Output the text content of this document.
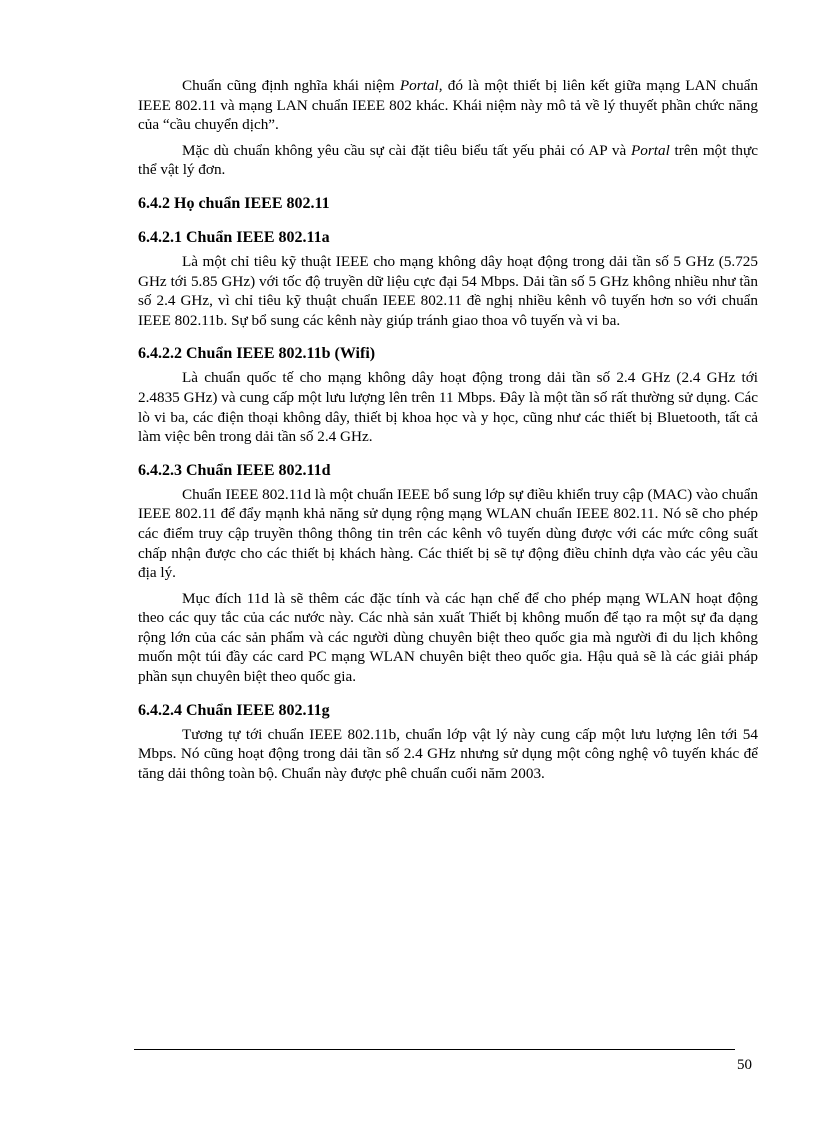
Chuẩn cũng định nghĩa khái niệm Portal, đó là một thiết bị liên kết giữa mạng LAN chuẩn IEEE 802.11 và mạng LAN chuẩn IEEE 802 khác. Khái niệm này mô tả về lý thuyết phần chức năng của “cầu chuyển dịch”.

Mặc dù chuẩn không yêu cầu sự cài đặt tiêu biểu tất yếu phải có AP và Portal trên một thực thể vật lý đơn.

6.4.2 Họ chuẩn IEEE 802.11
6.4.2.1 Chuẩn IEEE 802.11a

Là một chỉ tiêu kỹ thuật IEEE cho mạng không dây hoạt động trong dải tần số 5 GHz (5.725 GHz tới 5.85 GHz) với tốc độ truyền dữ liệu cực đại 54 Mbps. Dải tần số 5 GHz không nhiều như tần số 2.4 GHz, vì chỉ tiêu kỹ thuật chuẩn IEEE 802.11 đề nghị nhiều kênh vô tuyến hơn so với chuẩn IEEE 802.11b. Sự bổ sung các kênh này giúp tránh giao thoa vô tuyến và vi ba.

6.4.2.2 Chuẩn IEEE 802.11b (Wifi)

Là chuẩn quốc tế cho mạng không dây hoạt động trong dải tần số 2.4 GHz (2.4 GHz tới 2.4835 GHz) và cung cấp một lưu lượng lên trên 11 Mbps. Đây là một tần số rất thường sử dụng. Các lò vi ba, các điện thoại không dây, thiết bị khoa học và y học, cũng như các thiết bị Bluetooth, tất cả làm việc bên trong dải tần số 2.4 GHz.

6.4.2.3 Chuẩn IEEE 802.11d

Chuẩn IEEE 802.11d là một chuẩn IEEE bổ sung lớp sự điều khiển truy cập (MAC) vào chuẩn IEEE 802.11 để đẩy mạnh khả năng sử dụng rộng mạng WLAN chuẩn IEEE 802.11. Nó sẽ cho phép các điểm truy cập truyền thông thông tin trên các kênh vô tuyến dùng được với các mức công suất chấp nhận được cho các thiết bị khách hàng. Các thiết bị sẽ tự động điều chỉnh dựa vào các yêu cầu địa lý.

Mục đích 11d là sẽ thêm các đặc tính và các hạn chế để cho phép mạng WLAN hoạt động theo các quy tắc của các nước này. Các nhà sản xuất Thiết bị không muốn để tạo ra một sự đa dạng rộng lớn của các sản phẩm và các người dùng chuyên biệt theo quốc gia mà người đi du lịch không muốn một túi đầy các card PC mạng WLAN chuyên biệt theo quốc gia. Hậu quả sẽ là các giải pháp phần sụn chuyên biệt theo quốc gia.

6.4.2.4 Chuẩn IEEE 802.11g

Tương tự tới chuẩn IEEE 802.11b, chuẩn lớp vật lý này cung cấp một lưu lượng lên tới 54 Mbps. Nó cũng hoạt động trong dải tần số 2.4 GHz nhưng sử dụng một công nghệ vô tuyến khác để tăng dải thông toàn bộ. Chuẩn này được phê chuẩn cuối năm 2003.

50
